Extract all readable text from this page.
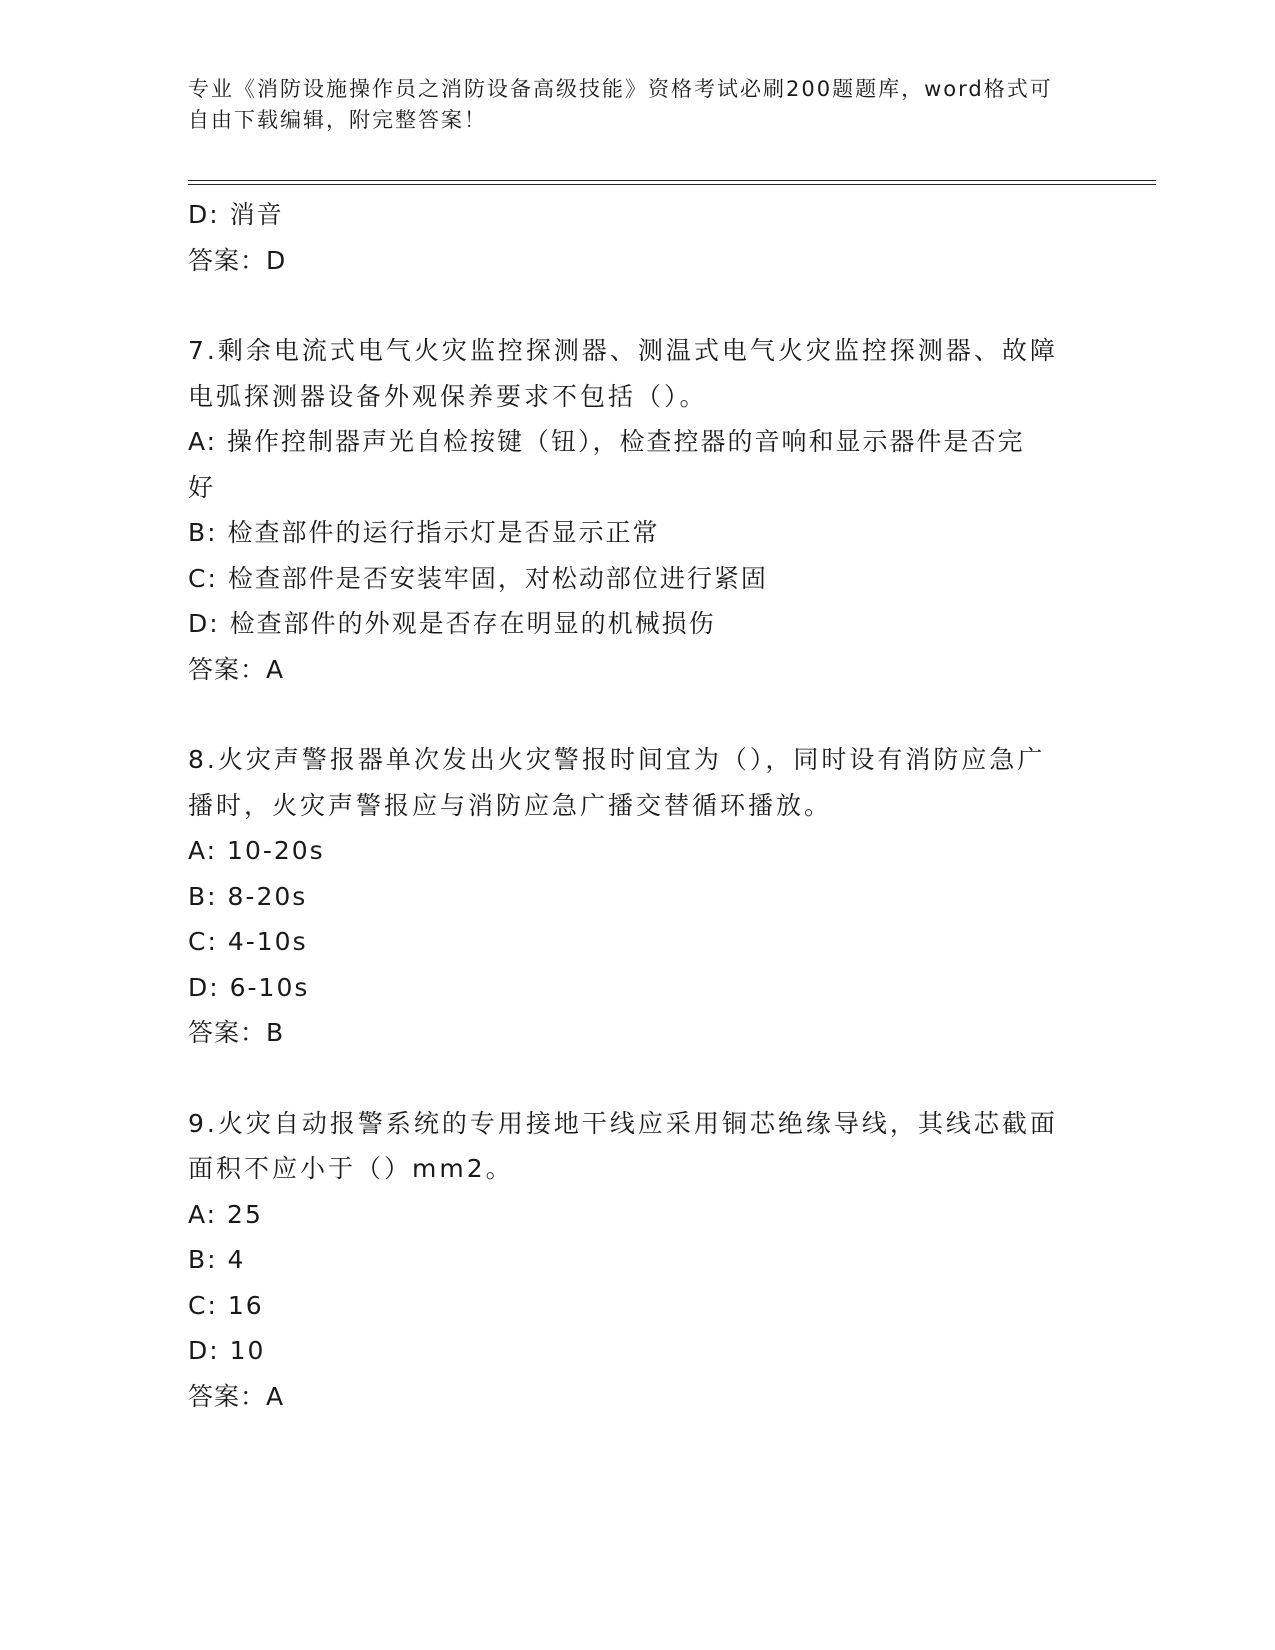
专业《消防设施操作员之消防设备高级技能》资格考试必刷200题题库，word格式可自由下载编辑，附完整答案！
D: 消音
答案：D
7.剩余电流式电气火灾监控探测器、测温式电气火灾监控探测器、故障电弧探测器设备外观保养要求不包括（）。
A: 操作控制器声光自检按键（钮），检查控器的音响和显示器件是否完好
B: 检查部件的运行指示灯是否显示正常
C: 检查部件是否安装牢固，对松动部位进行紧固
D: 检查部件的外观是否存在明显的机械损伤
答案：A
8.火灾声警报器单次发出火灾警报时间宜为（），同时设有消防应急广播时，火灾声警报应与消防应急广播交替循环播放。
A: 10-20s
B: 8-20s
C: 4-10s
D: 6-10s
答案：B
9.火灾自动报警系统的专用接地干线应采用铜芯绝缘导线，其线芯截面面积不应小于（）mm2。
A: 25
B: 4
C: 16
D: 10
答案：A
